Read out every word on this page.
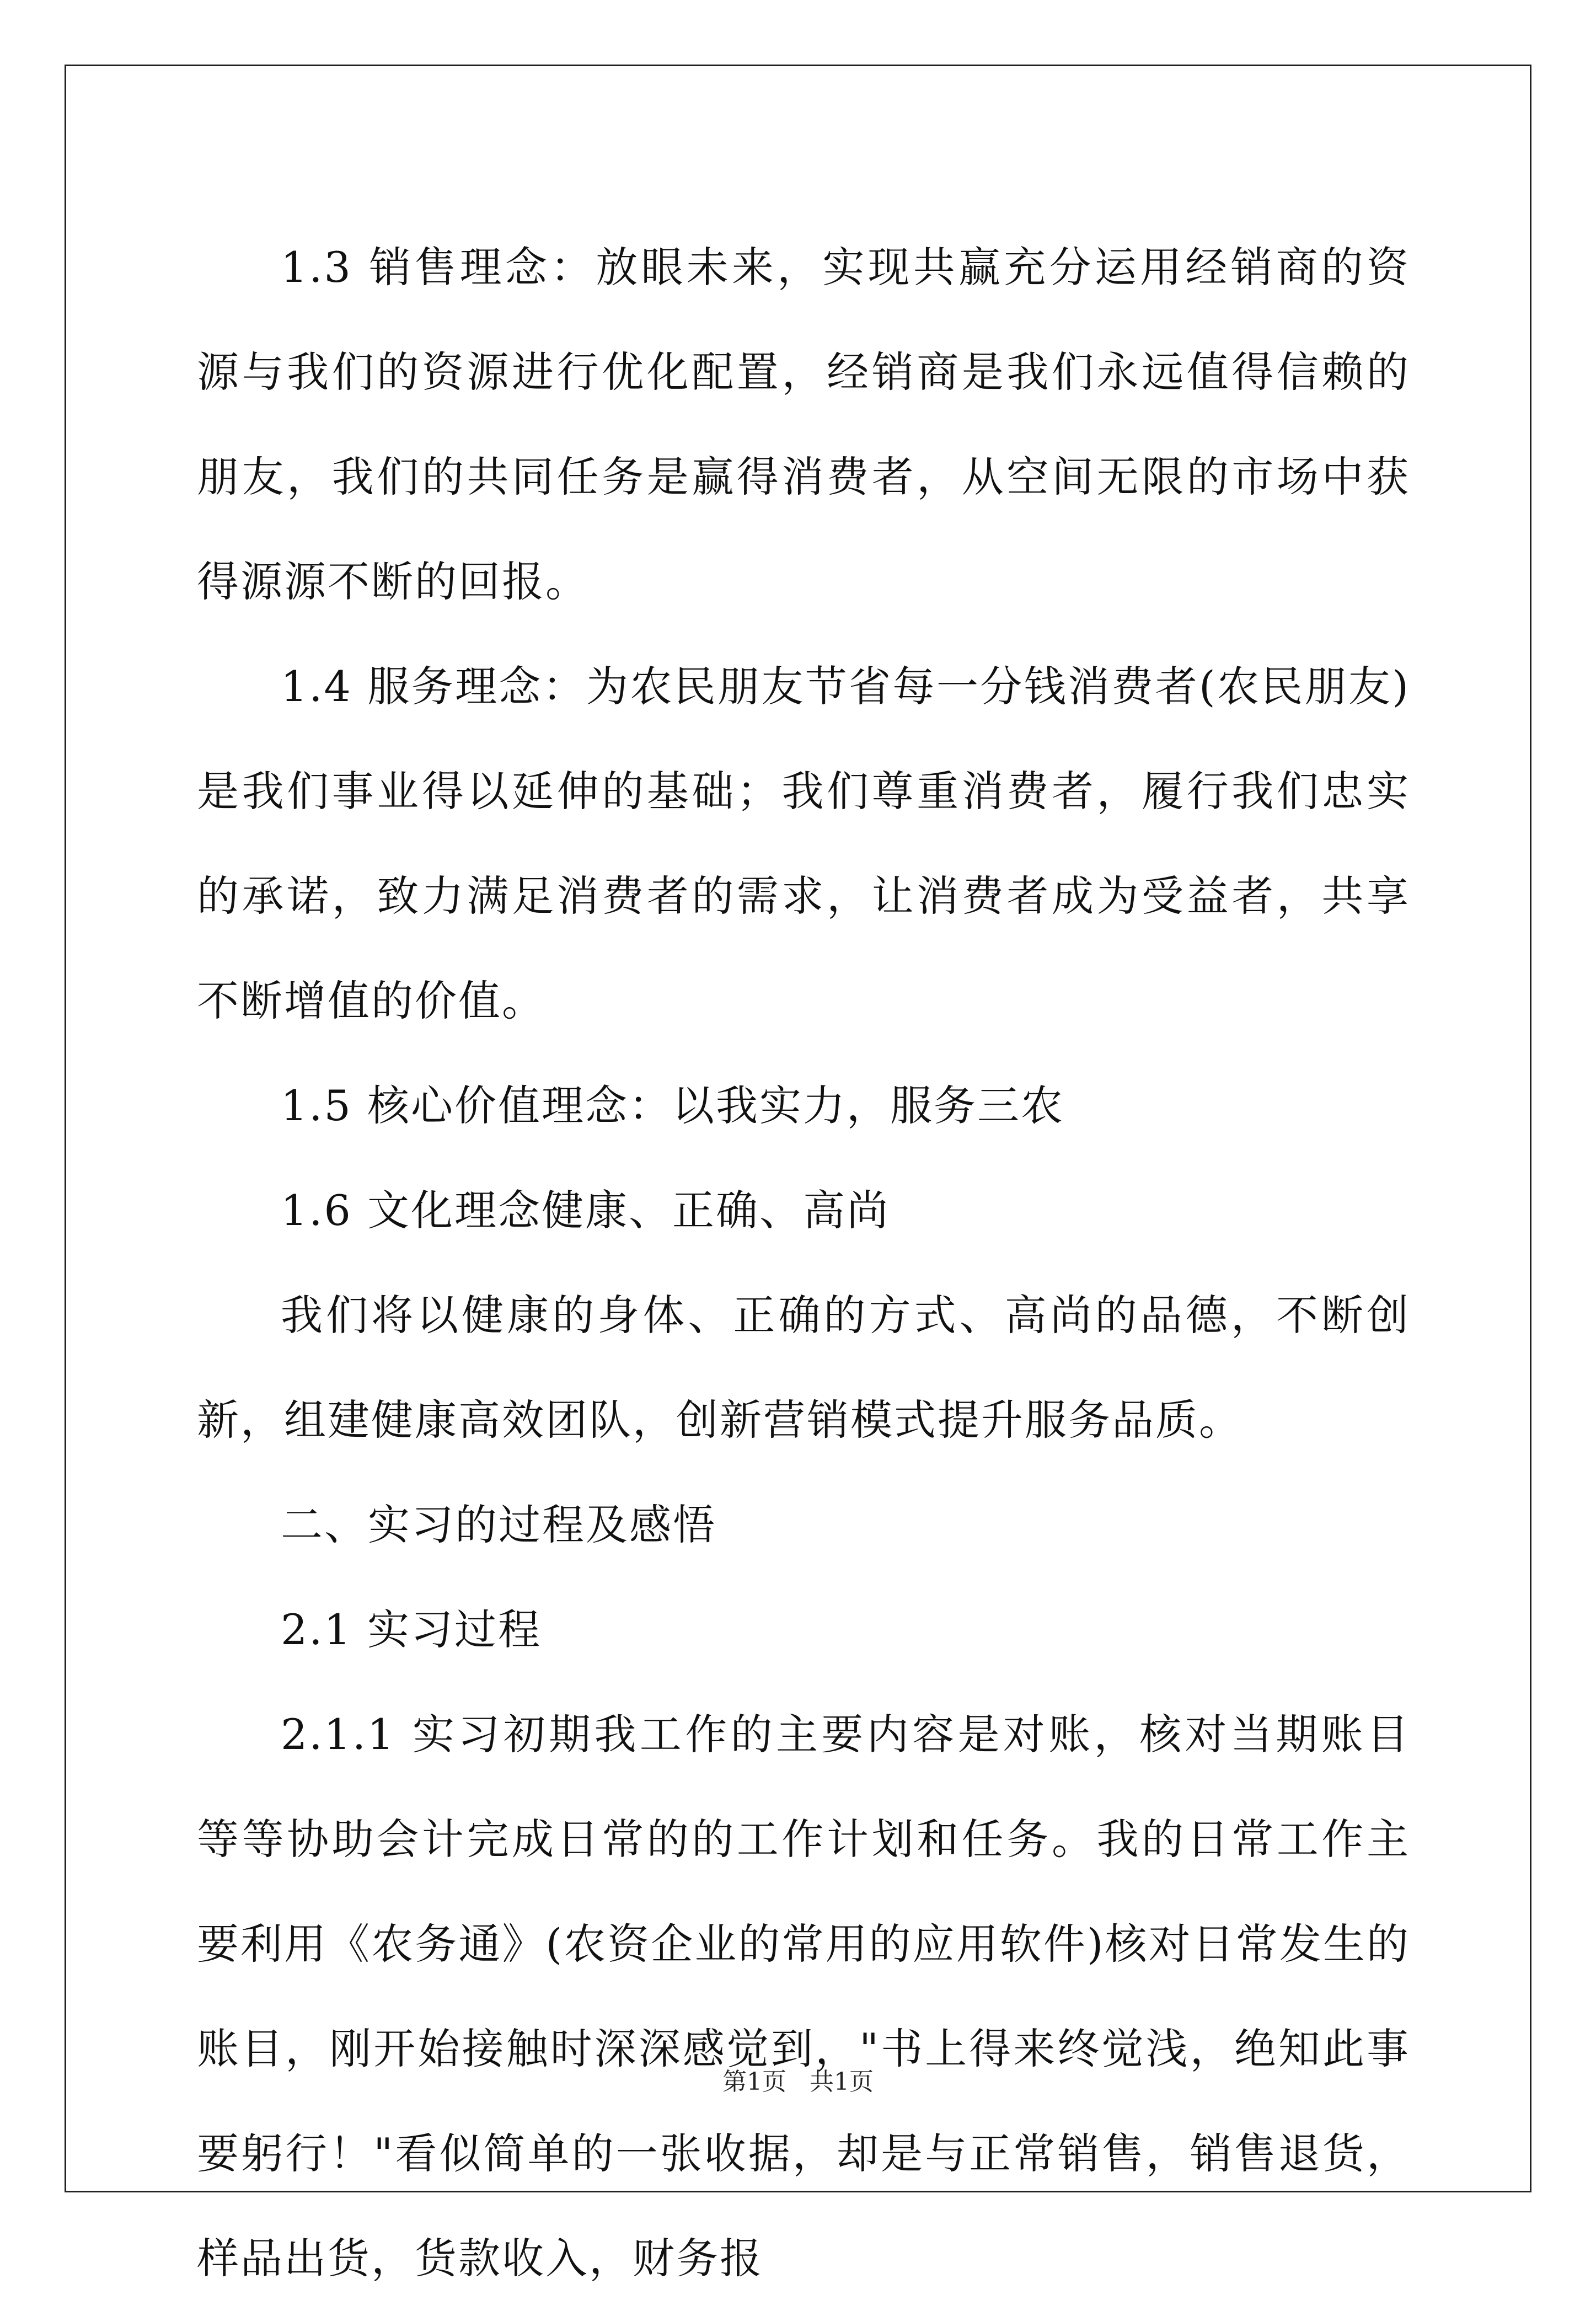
1.3 销售理念：放眼未来，实现共赢充分运用经销商的资源与我们的资源进行优化配置，经销商是我们永远值得信赖的朋友，我们的共同任务是赢得消费者，从空间无限的市场中获得源源不断的回报。

1.4 服务理念：为农民朋友节省每一分钱消费者(农民朋友)是我们事业得以延伸的基础；我们尊重消费者，履行我们忠实的承诺，致力满足消费者的需求，让消费者成为受益者，共享不断增值的价值。

1.5 核心价值理念：以我实力，服务三农

1.6 文化理念健康、正确、高尚

我们将以健康的身体、正确的方式、高尚的品德，不断创新，组建健康高效团队，创新营销模式提升服务品质。

二、实习的过程及感悟

2.1 实习过程

2.1.1 实习初期我工作的主要内容是对账，核对当期账目等等协助会计完成日常的的工作计划和任务。我的日常工作主要利用《农务通》(农资企业的常用的应用软件)核对日常发生的账目，刚开始接触时深深感觉到，"书上得来终觉浅，绝知此事要躬行！"看似简单的一张收据，却是与正常销售，销售退货，样品出货，货款收入，财务报

第1页 共1页
